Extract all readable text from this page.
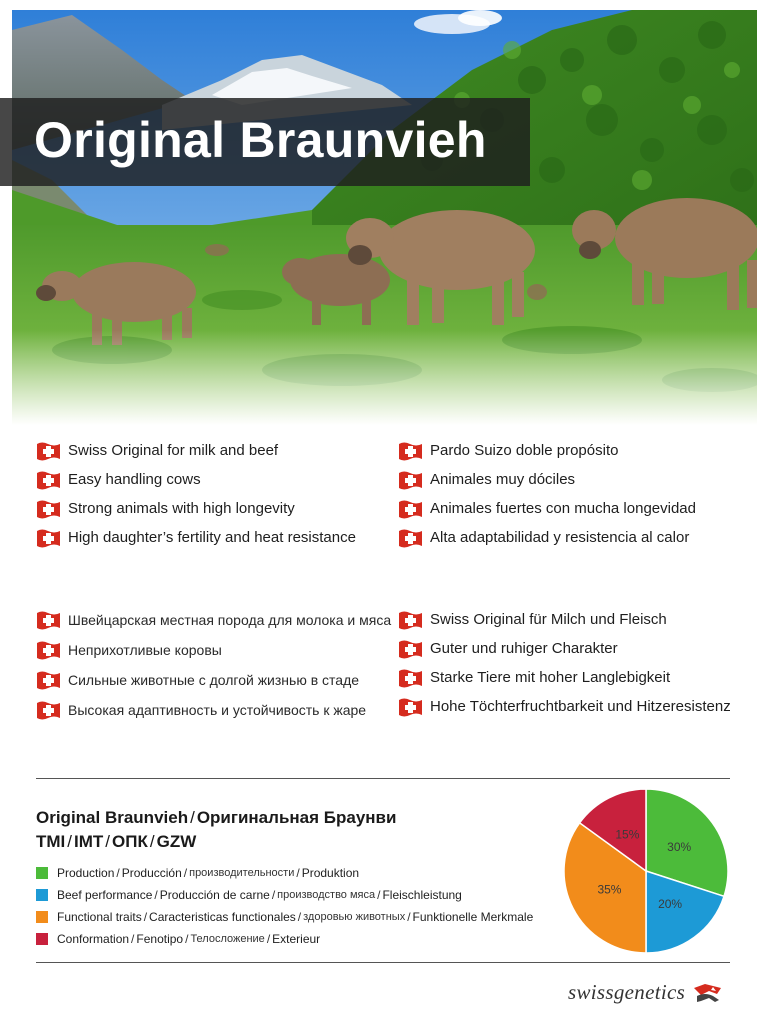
Original Braunvieh
Swiss Original for milk and beef
Easy handling cows
Strong animals with high longevity
High daughter’s fertility and heat resistance
Pardo Suizo doble propósito
Animales muy dóciles
Animales fuertes con mucha longevidad
Alta adaptabilidad y resistencia al calor
Швейцарская местная порода для молока и мяса
Неприхотливые коровы
Сильные животные с долгой жизнью в стаде
Высокая адаптивность и устойчивость к жаре
Swiss Original für Milch und Fleisch
Guter und ruhiger Charakter
Starke Tiere mit hoher Langlebigkeit
Hohe Töchterfruchtbarkeit und Hitzeresistenz
Original Braunvieh / Оригинальная Браунви
TMI / IMT / ОПК / GZW
Production / Producción / производительности / Produktion
Beef performance / Producción de carne / производство мяса / Fleischleistung
Functional traits / Caracteristicas functionales / здоровью животных / Funktionelle Merkmale
Conformation / Fenotipo / Телосложение / Exterieur
30%
20%
35%
15%
swissgenetics
